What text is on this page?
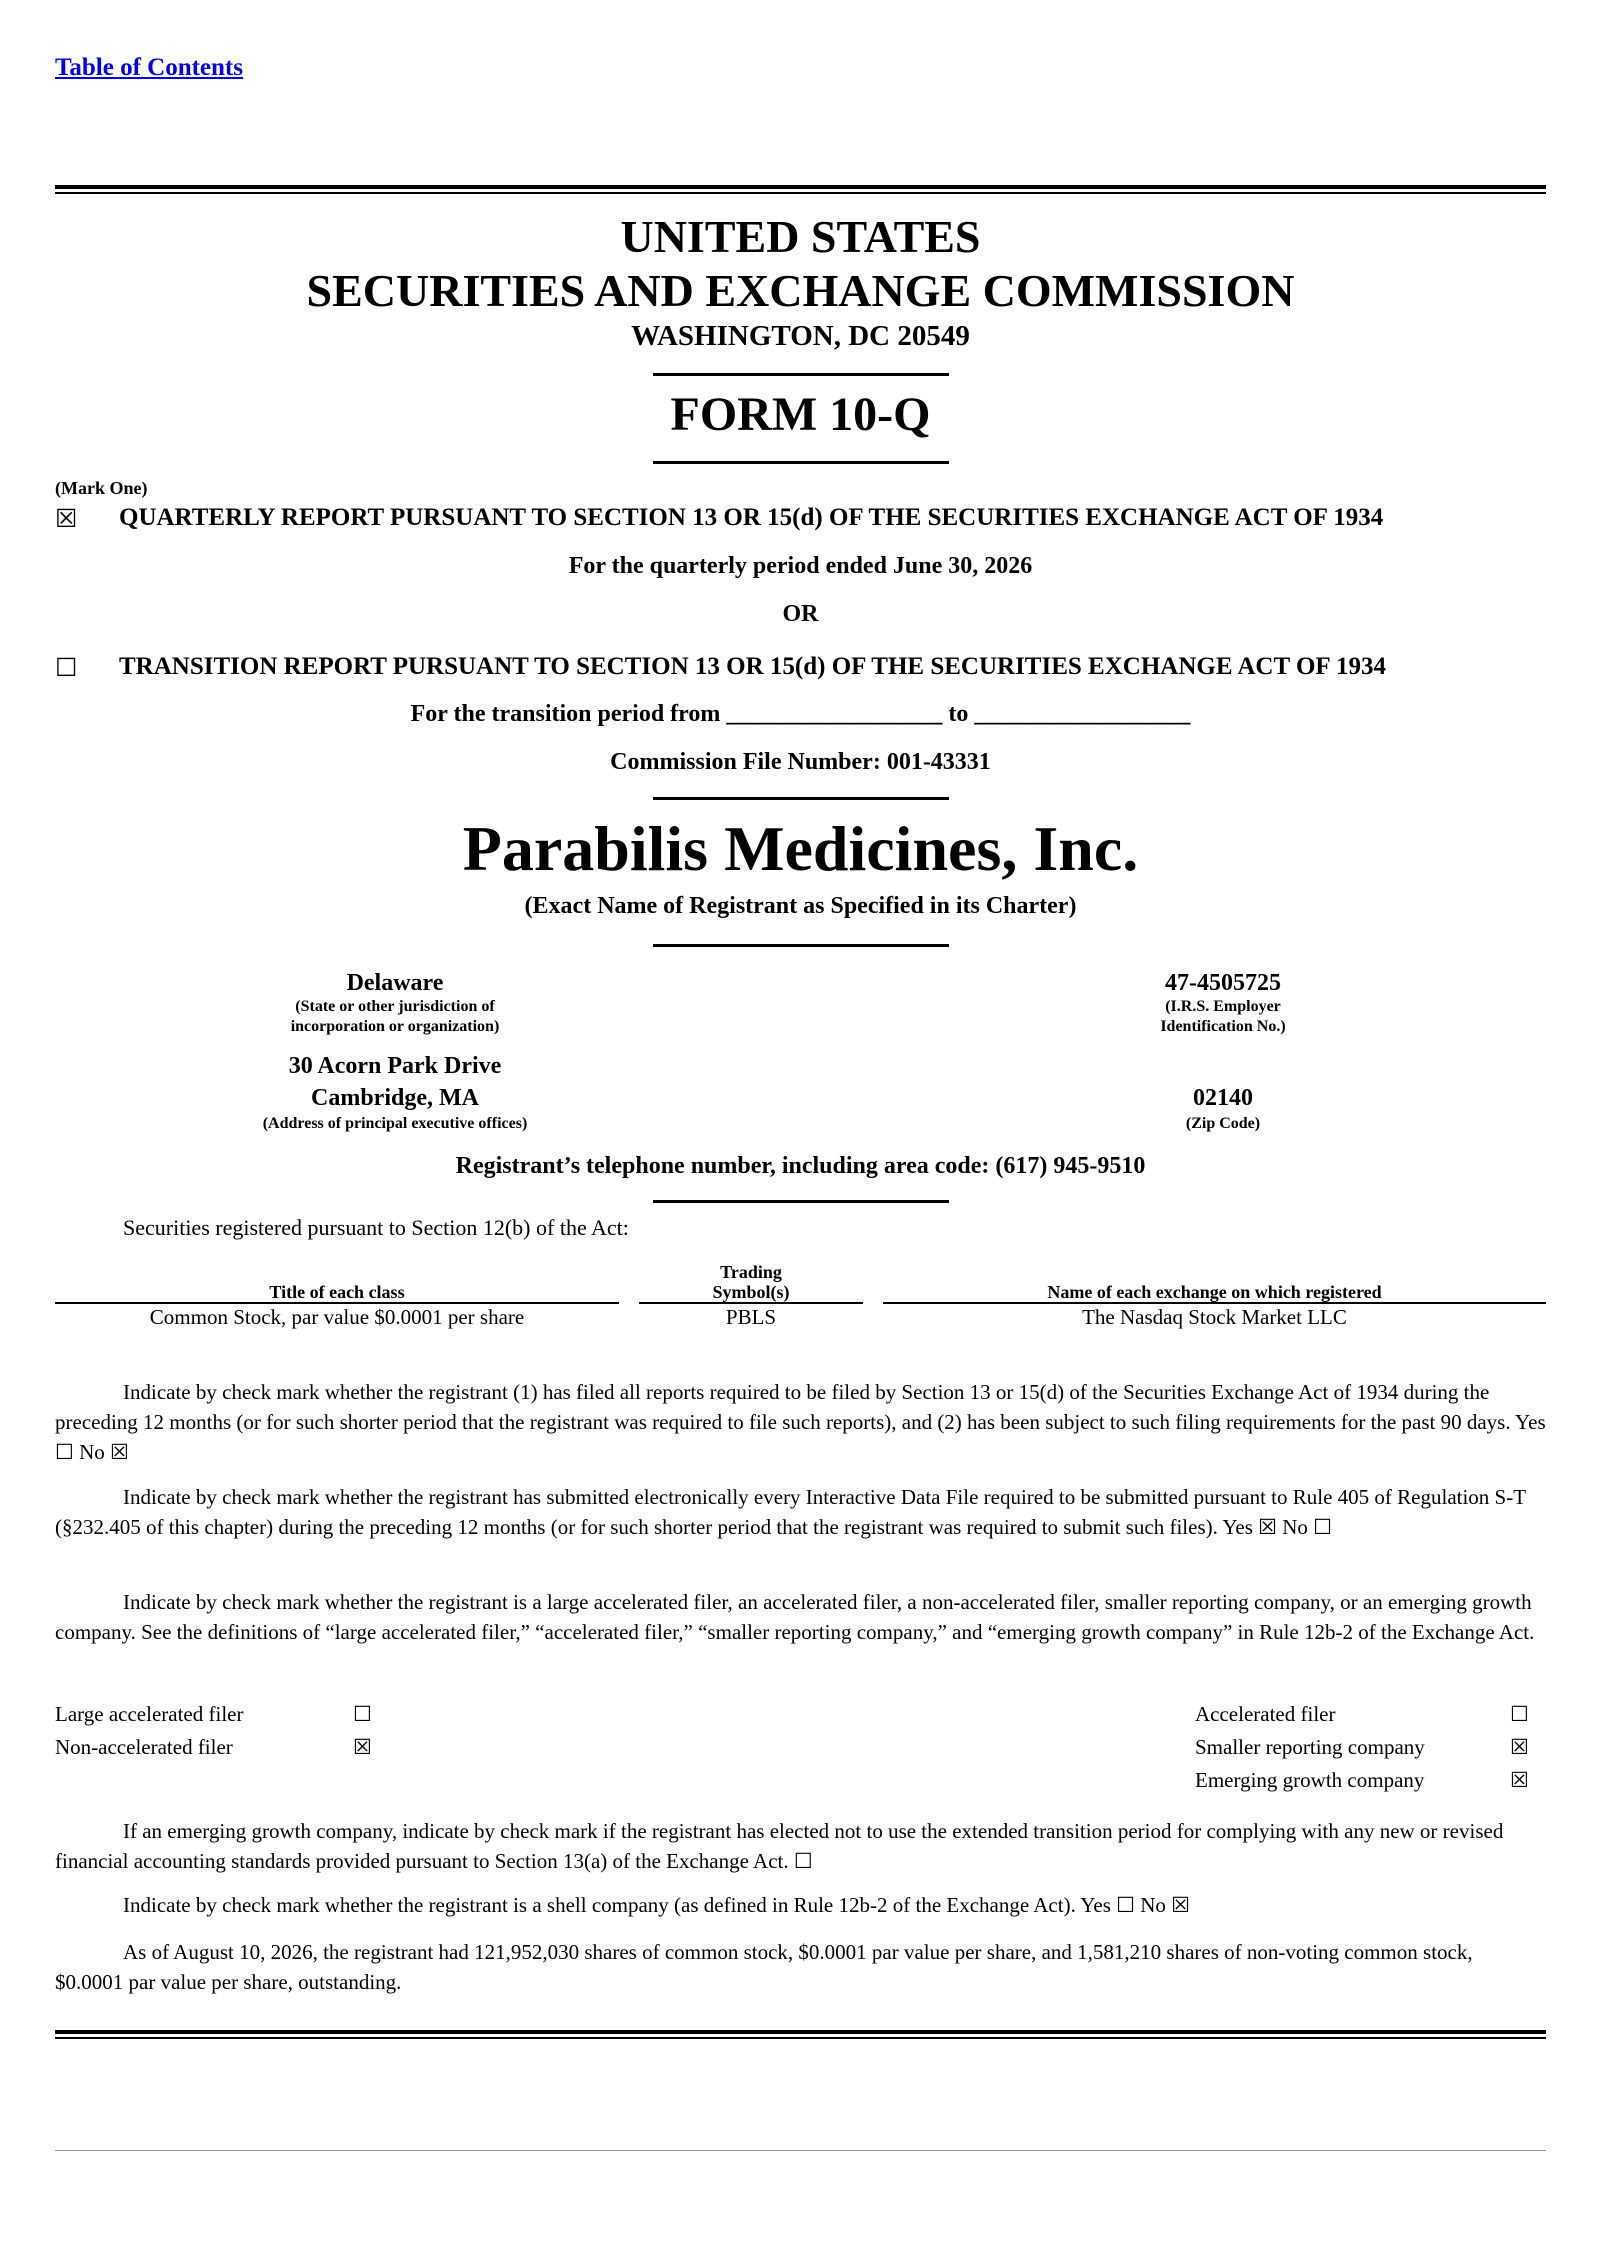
Table of Contents
UNITED STATES
SECURITIES AND EXCHANGE COMMISSION
WASHINGTON, DC 20549
FORM 10-Q
(Mark One)
☒ QUARTERLY REPORT PURSUANT TO SECTION 13 OR 15(d) OF THE SECURITIES EXCHANGE ACT OF 1934
For the quarterly period ended June 30, 2026
OR
☐ TRANSITION REPORT PURSUANT TO SECTION 13 OR 15(d) OF THE SECURITIES EXCHANGE ACT OF 1934
For the transition period from __________________ to __________________
Commission File Number: 001-43331
Parabilis Medicines, Inc.
(Exact Name of Registrant as Specified in its Charter)
Delaware
(State or other jurisdiction of
incorporation or organization)
47-4505725
(I.R.S. Employer
Identification No.)
30 Acorn Park Drive
Cambridge, MA
(Address of principal executive offices)
02140
(Zip Code)
Registrant’s telephone number, including area code: (617) 945-9510
Securities registered pursuant to Section 12(b) of the Act:
		Trading		
Title of each class		Symbol(s)		Name of each exchange on which registered
Common Stock, par value $0.0001 per share		PBLS		The Nasdaq Stock Market LLC
Indicate by check mark whether the registrant (1) has filed all reports required to be filed by Section 13 or 15(d) of the Securities Exchange Act of 1934 during the preceding 12 months (or for such shorter period that the registrant was required to file such reports), and (2) has been subject to such filing requirements for the past 90 days. Yes ☐ No ☒
Indicate by check mark whether the registrant has submitted electronically every Interactive Data File required to be submitted pursuant to Rule 405 of Regulation S-T (§232.405 of this chapter) during the preceding 12 months (or for such shorter period that the registrant was required to submit such files). Yes ☒ No ☐
Indicate by check mark whether the registrant is a large accelerated filer, an accelerated filer, a non-accelerated filer, smaller reporting company, or an emerging growth company. See the definitions of “large accelerated filer,” “accelerated filer,” “smaller reporting company,” and “emerging growth company” in Rule 12b-2 of the Exchange Act.
Large accelerated filer	☐
Non-accelerated filer	☒
Accelerated filer	☐
Smaller reporting company	☒
Emerging growth company	☒
If an emerging growth company, indicate by check mark if the registrant has elected not to use the extended transition period for complying with any new or revised financial accounting standards provided pursuant to Section 13(a) of the Exchange Act. ☐
Indicate by check mark whether the registrant is a shell company (as defined in Rule 12b-2 of the Exchange Act). Yes ☐ No ☒
As of August 10, 2026, the registrant had 121,952,030 shares of common stock, $0.0001 par value per share, and 1,581,210 shares of non-voting common stock, $0.0001 par value per share, outstanding.
